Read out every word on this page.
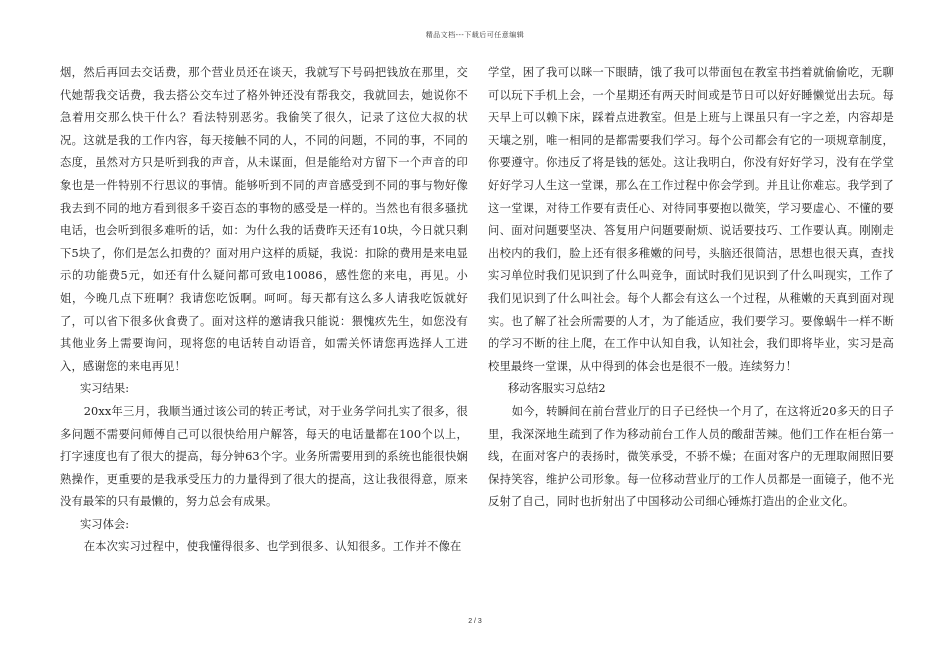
精品文档---下载后可任意编辑

烟，然后再回去交话费，那个营业员还在谈天，我就写下号码把钱放在那里，交代她帮我交话费，我去搭公交车过了格外钟还没有帮我交，我就回去，她说你不急着用交那么快干什么？看法特别恶劣。我偷笑了很久，记录了这位大叔的状况。这就是我的工作内容，每天接触不同的人，不同的问题，不同的事，不同的态度，虽然对方只是听到我的声音，从未谋面，但是能给对方留下一个声音的印象也是一件特别不行思议的事情。能够听到不同的声音感受到不同的事与物好像我去到不同的地方看到很多千姿百态的事物的感受是一样的。当然也有很多骚扰电话，也会听到很多难听的话，如：为什么我的话费昨天还有10块，今日就只剩下5块了，你们是怎么扣费的？面对用户这样的质疑，我说：扣除的费用是来电显示的功能费5元，如还有什么疑问都可致电10086，感性您的来电，再见。小姐，今晚几点下班啊？我请您吃饭啊。呵呵。每天都有这么多人请我吃饭就好了，可以省下很多伙食费了。面对这样的邀请我只能说：猥愧疚先生，如您没有其他业务上需要询问，现将您的电话转自动语音，如需关怀请您再选择人工进入，感谢您的来电再见！

实习结果:

20xx年三月，我顺当通过该公司的转正考试，对于业务学问扎实了很多，很多问题不需要问师傅自己可以很快给用户解答，每天的电话量都在100个以上，打字速度也有了很大的提高，每分钟63个字。业务所需要用到的系统也能很快娴熟操作，更重要的是我承受压力的力量得到了很大的提高，这让我很得意，原来没有最笨的只有最懒的，努力总会有成果。

实习体会:

在本次实习过程中，使我懂得很多、也学到很多、认知很多。工作并不像在

学堂，困了我可以眯一下眼睛，饿了我可以带面包在教室书挡着就偷偷吃，无聊可以玩下手机上会，一个星期还有两天时间或是节日可以好好睡懒觉出去玩。每天早上可以赖下床，踩着点进教室。但是上班与上课虽只有一字之差，内容却是天壤之别，唯一相同的是都需要我们学习。每个公司都会有它的一项规章制度，你要遵守。你违反了将是钱的惩处。这让我明白，你没有好好学习，没有在学堂好好学习人生这一堂课，那么在工作过程中你会学到。并且让你难忘。我学到了这一堂课，对待工作要有责任心、对待同事要抱以微笑，学习要虚心、不懂的要问、面对问题要坚决、答复用户问题要耐烦、说话要技巧、工作要认真。刚刚走出校内的我们，脸上还有很多稚嫩的问号，头脑还很简洁，思想也很天真，查找实习单位时我们见识到了什么叫竞争，面试时我们见识到了什么叫现实，工作了我们见识到了什么叫社会。每个人都会有这么一个过程，从稚嫩的天真到面对现实。也了解了社会所需要的人才，为了能适应，我们要学习。要像蜗牛一样不断的学习不断的往上爬，在工作中认知自我，认知社会，我们即将毕业，实习是高校里最终一堂课，从中得到的体会也是很不一般。连续努力！

移动客服实习总结2

如今，转瞬间在前台营业厅的日子已经快一个月了，在这将近20多天的日子里，我深深地生疏到了作为移动前台工作人员的酸甜苦辣。他们工作在柜台第一线，在面对客户的表扬时，微笑承受，不骄不燥；在面对客户的无理取闹照旧要保持笑容，维护公司形象。每一位移动营业厅的工作人员都是一面镜子，他不光反射了自己，同时也折射出了中国移动公司细心锤炼打造出的企业文化。

2 / 3
